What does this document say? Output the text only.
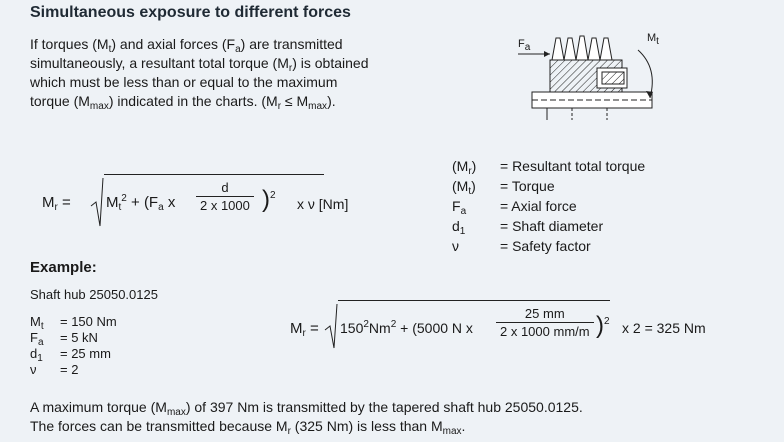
Simultaneous exposure to different forces
If torques $(M_t)$ and axial forces $(F_a)$ are transmitted
simultaneously, a resultant total torque $(M_r)$ is obtained
which must be less than or equal to the maximum
torque $(M_{max})$ indicated in the charts. $(M_r \le M_{max})$.
$F_a$
$M_t$
$M_r = M_t^2 + (F_a$ x $\frac{d}{2 x 1000} )^2$
x ν [Nm]
$(M_r)$	= Resultant total torque
$(M_t)$	= Torque
$F_a$	= Axial force
$d_1$	= Shaft diameter
ν	= Safety factor
Example:
Shaft hub 25050.0125
$M_t$	= 150 Nm
$F_a$	= 5 kN
$d_1$	= 25 mm
ν	= 2
$M_r = 150^2Nm^2 + (5000$ N x $\frac{25 mm}{2 x 1000 mm/m} )^2$ x 2 = 325 Nm
A maximum torque $(M_{max})$ of 397 Nm is transmitted by the tapered shaft hub 25050.0125.
The forces can be transmitted because $M_r$ (325 Nm) is less than $M_{max}$.
